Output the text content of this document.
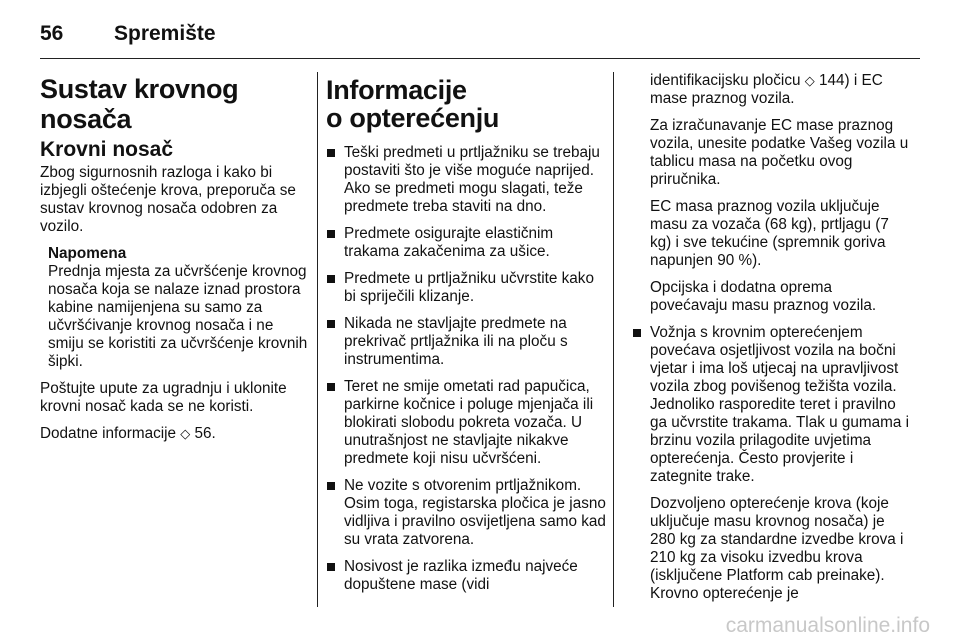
56 Spremište
Sustav krovnog nosača
Krovni nosač

Zbog sigurnosnih razloga i kako bi izbjegli oštećenje krova, preporuča se sustav krovnog nosača odobren za vozilo.

Napomena

Prednja mjesta za učvršćenje krovnog nosača koja se nalaze iznad prostora kabine namijenjena su samo za učvršćivanje krovnog nosača i ne smiju se koristiti za učvršćenje krovnih šipki.

Poštujte upute za ugradnju i uklonite krovni nosač kada se ne koristi.

Dodatne informacije ◇ 56.

Informacije
o opterećenju
Teški predmeti u prtljažniku se trebaju postaviti što je više moguće naprijed. Ako se predmeti mogu slagati, teže predmete treba staviti na dno.
Predmete osigurajte elastičnim trakama zakačenima za ušice.
Predmete u prtljažniku učvrstite kako bi spriječili klizanje.
Nikada ne stavljajte predmete na prekrivač prtljažnika ili na ploču s instrumentima.
Teret ne smije ometati rad papučica, parkirne kočnice i poluge mjenjača ili blokirati slobodu pokreta vozača. U unutrašnjost ne stavljajte nikakve predmete koji nisu učvršćeni.
Ne vozite s otvorenim prtljažnikom. Osim toga, registarska pločica je jasno vidljiva i pravilno osvijetljena samo kad su vrata zatvorena.
Nosivost je razlika između najveće dopuštene mase (vidi

identifikacijsku pločicu ◇ 144) i EC mase praznog vozila.

Za izračunavanje EC mase praznog vozila, unesite podatke Vašeg vozila u tablicu masa na početku ovog priručnika.

EC masa praznog vozila uključuje masu za vozača (68 kg), prtljagu (7 kg) i sve tekućine (spremnik goriva napunjen 90 %).

Opcijska i dodatna oprema povećavaju masu praznog vozila.

Vožnja s krovnim opterećenjem povećava osjetljivost vozila na bočni vjetar i ima loš utjecaj na upravljivost vozila zbog povišenog težišta vozila. Jednoliko rasporedite teret i pravilno ga učvrstite trakama. Tlak u gumama i brzinu vozila prilagodite uvjetima opterećenja. Često provjerite i zategnite trake.

Dozvoljeno opterećenje krova (koje uključuje masu krovnog nosača) je 280 kg za standardne izvedbe krova i 210 kg za visoku izvedbu krova (isključene Platform cab preinake). Krovno opterećenje je

carmanualsonline.info
